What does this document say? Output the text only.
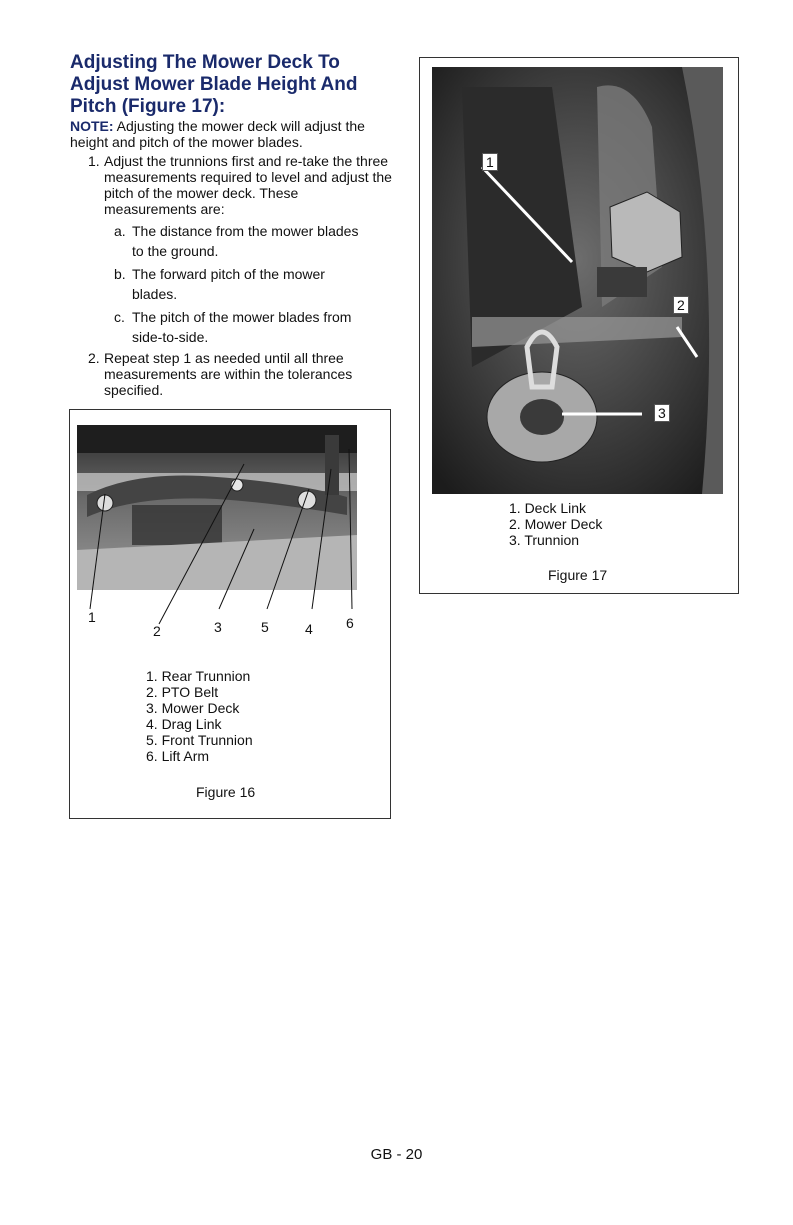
Adjusting The Mower Deck To Adjust Mower Blade Height And Pitch (Figure 17):
NOTE: Adjusting the mower deck will adjust the height and pitch of the mower blades.
1. Adjust the trunnions first and re-take the three measurements required to level and adjust the pitch of the mower deck. These measurements are:
a. The distance from the mower blades to the ground.
b. The forward pitch of the mower blades.
c. The pitch of the mower blades from side-to-side.
2. Repeat step 1 as needed until all three measurements are within the tolerances specified.
1
2	3	5	4 6
1. Rear Trunnion
2. PTO Belt
3. Mower Deck
4. Drag Link
5. Front Trunnion
6. Lift Arm
Figure 16
1
2
3
1. Deck Link
2. Mower Deck
3. Trunnion
Figure 17
GB - 20
